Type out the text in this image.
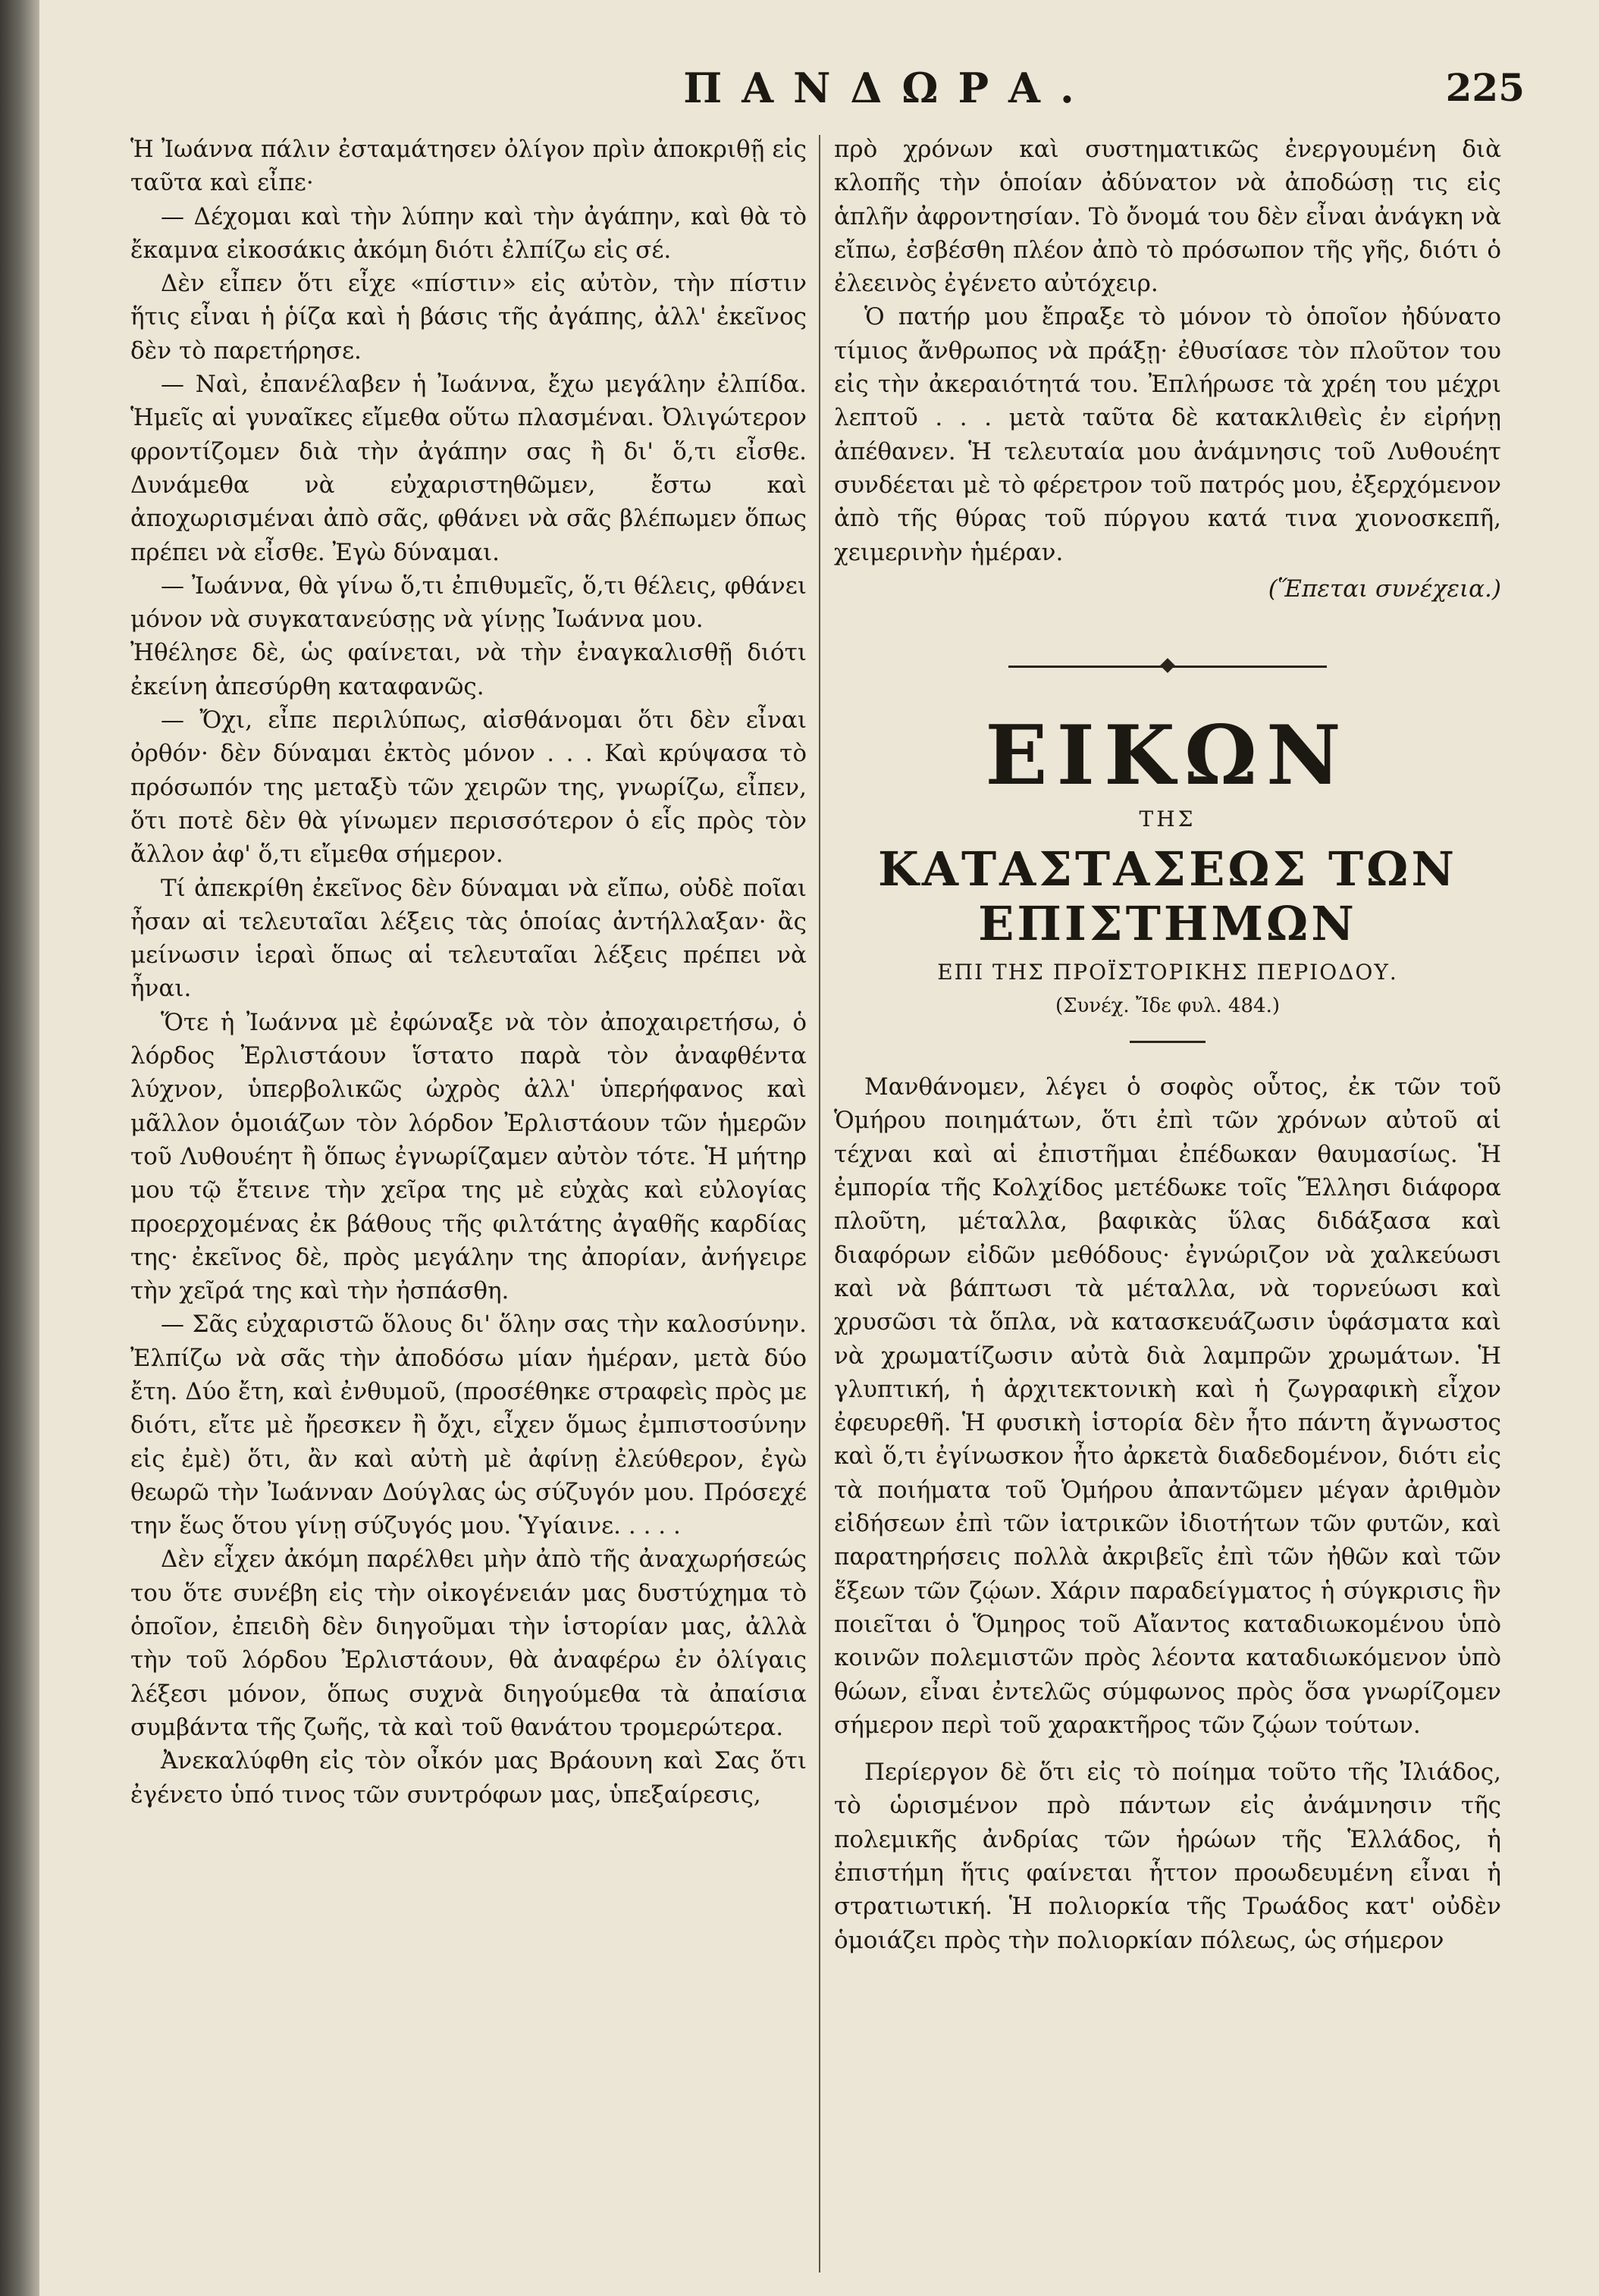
ΠΑΝΔΩΡΑ.	225

Ἡ Ἰωάννα πάλιν ἐσταμάτησεν ὀλίγον πρὶν ἀποκριθῇ εἰς ταῦτα καὶ εἶπε·

— Δέχομαι καὶ τὴν λύπην καὶ τὴν ἀγάπην, καὶ θὰ τὸ ἔκαμνα εἰκοσάκις ἀκόμη διότι ἐλπίζω εἰς σέ.

Δὲν εἶπεν ὅτι εἶχε «πίστιν» εἰς αὐτὸν, τὴν πίστιν ἥτις εἶναι ἡ ῥίζα καὶ ἡ βάσις τῆς ἀγάπης, ἀλλ' ἐκεῖνος δὲν τὸ παρετήρησε.

— Ναὶ, ἐπανέλαβεν ἡ Ἰωάννα, ἔχω μεγάλην ἐλπίδα. Ἡμεῖς αἱ γυναῖκες εἴμεθα οὕτω πλασμέναι. Ὀλιγώτερον φροντίζομεν διὰ τὴν ἀγάπην σας ἢ δι' ὅ,τι εἶσθε. Δυνάμεθα νὰ εὐχαριστηθῶμεν, ἔστω καὶ ἀποχωρισμέναι ἀπὸ σᾶς, φθάνει νὰ σᾶς βλέπωμεν ὅπως πρέπει νὰ εἶσθε. Ἐγὼ δύναμαι.

— Ἰωάννα, θὰ γίνω ὅ,τι ἐπιθυμεῖς, ὅ,τι θέλεις, φθάνει μόνον νὰ συγκατανεύσῃς νὰ γίνῃς Ἰωάννα μου.

Ἠθέλησε δὲ, ὡς φαίνεται, νὰ τὴν ἐναγκαλισθῇ διότι ἐκείνη ἀπεσύρθη καταφανῶς.

— Ὄχι, εἶπε περιλύπως, αἰσθάνομαι ὅτι δὲν εἶναι ὀρθόν· δὲν δύναμαι ἐκτὸς μόνον . . . Καὶ κρύψασα τὸ πρόσωπόν της μεταξὺ τῶν χειρῶν της, γνωρίζω, εἶπεν, ὅτι ποτὲ δὲν θὰ γίνωμεν περισσότερον ὁ εἷς πρὸς τὸν ἄλλον ἀφ' ὅ,τι εἴμεθα σήμερον.

Τί ἀπεκρίθη ἐκεῖνος δὲν δύναμαι νὰ εἴπω, οὐδὲ ποῖαι ἦσαν αἱ τελευταῖαι λέξεις τὰς ὁποίας ἀντήλλαξαν· ἂς μείνωσιν ἱεραὶ ὅπως αἱ τελευταῖαι λέξεις πρέπει νὰ ἦναι.

Ὅτε ἡ Ἰωάννα μὲ ἐφώναξε νὰ τὸν ἀποχαιρετήσω, ὁ λόρδος Ἐρλιστάουν ἵστατο παρὰ τὸν ἀναφθέντα λύχνον, ὑπερβολικῶς ὠχρὸς ἀλλ' ὑπερήφανος καὶ μᾶλλον ὁμοιάζων τὸν λόρδον Ἐρλιστάουν τῶν ἡμερῶν τοῦ Λυθουέητ ἢ ὅπως ἐγνωρίζαμεν αὐτὸν τότε. Ἡ μήτηρ μου τῷ ἔτεινε τὴν χεῖρα της μὲ εὐχὰς καὶ εὐλογίας προερχομένας ἐκ βάθους τῆς φιλτάτης ἀγαθῆς καρδίας της· ἐκεῖνος δὲ, πρὸς μεγάλην της ἀπορίαν, ἀνήγειρε τὴν χεῖρά της καὶ τὴν ἠσπάσθη.

— Σᾶς εὐχαριστῶ ὅλους δι' ὅλην σας τὴν καλοσύνην. Ἐλπίζω νὰ σᾶς τὴν ἀποδόσω μίαν ἡμέραν, μετὰ δύο ἔτη. Δύο ἔτη, καὶ ἐνθυμοῦ, (προσέθηκε στραφεὶς πρὸς με διότι, εἴτε μὲ ἤρεσκεν ἢ ὄχι, εἶχεν ὅμως ἐμπιστοσύνην εἰς ἐμὲ) ὅτι, ἂν καὶ αὐτὴ μὲ ἀφίνῃ ἐλεύθερον, ἐγὼ θεωρῶ τὴν Ἰωάνναν Δούγλας ὡς σύζυγόν μου. Πρόσεχέ την ἕως ὅτου γίνῃ σύζυγός μου. Ὑγίαινε. . . . .

Δὲν εἶχεν ἀκόμη παρέλθει μὴν ἀπὸ τῆς ἀναχωρήσεώς του ὅτε συνέβη εἰς τὴν οἰκογένειάν μας δυστύχημα τὸ ὁποῖον, ἐπειδὴ δὲν διηγοῦμαι τὴν ἱστορίαν μας, ἀλλὰ τὴν τοῦ λόρδου Ἐρλιστάουν, θὰ ἀναφέρω ἐν ὀλίγαις λέξεσι μόνον, ὅπως συχνὰ διηγούμεθα τὰ ἀπαίσια συμβάντα τῆς ζωῆς, τὰ καὶ τοῦ θανάτου τρομερώτερα.

Ἀνεκαλύφθη εἰς τὸν οἶκόν μας Βράουνη καὶ Σας ὅτι ἐγένετο ὑπό τινος τῶν συντρόφων μας, ὑπεξαίρεσις,

πρὸ χρόνων καὶ συστηματικῶς ἐνεργουμένη διὰ κλοπῆς τὴν ὁποίαν ἀδύνατον νὰ ἀποδώσῃ τις εἰς ἁπλῆν ἀφροντησίαν. Τὸ ὄνομά του δὲν εἶναι ἀνάγκη νὰ εἴπω, ἐσβέσθη πλέον ἀπὸ τὸ πρόσωπον τῆς γῆς, διότι ὁ ἐλεεινὸς ἐγένετο αὐτόχειρ.

Ὁ πατήρ μου ἔπραξε τὸ μόνον τὸ ὁποῖον ἠδύνατο τίμιος ἄνθρωπος νὰ πράξῃ· ἐθυσίασε τὸν πλοῦτον του εἰς τὴν ἀκεραιότητά του. Ἐπλήρωσε τὰ χρέη του μέχρι λεπτοῦ . . . μετὰ ταῦτα δὲ κατακλιθεὶς ἐν εἰρήνῃ ἀπέθανεν. Ἡ τελευταία μου ἀνάμνησις τοῦ Λυθουέητ συνδέεται μὲ τὸ φέρετρον τοῦ πατρός μου, ἐξερχόμενον ἀπὸ τῆς θύρας τοῦ πύργου κατά τινα χιονοσκεπῆ, χειμερινὴν ἡμέραν.

(Ἕπεται συνέχεια.)

ΕΙΚΩΝ
ΤΗΣ
ΚΑΤΑΣΤΑΣΕΩΣ ΤΩΝ ΕΠΙΣΤΗΜΩΝ
ΕΠΙ ΤΗΣ ΠΡΟΪΣΤΟΡΙΚΗΣ ΠΕΡΙΟΔΟΥ.
(Συνέχ. Ἴδε φυλ. 484.)

Μανθάνομεν, λέγει ὁ σοφὸς οὗτος, ἐκ τῶν τοῦ Ὁμήρου ποιημάτων, ὅτι ἐπὶ τῶν χρόνων αὐτοῦ αἱ τέχναι καὶ αἱ ἐπιστῆμαι ἐπέδωκαν θαυμασίως. Ἡ ἐμπορία τῆς Κολχίδος μετέδωκε τοῖς Ἕλλησι διάφορα πλοῦτη, μέταλλα, βαφικὰς ὕλας διδάξασα καὶ διαφόρων εἰδῶν μεθόδους· ἐγνώριζον νὰ χαλκεύωσι καὶ νὰ βάπτωσι τὰ μέταλλα, νὰ τορνεύωσι καὶ χρυσῶσι τὰ ὅπλα, νὰ κατασκευάζωσιν ὑφάσματα καὶ νὰ χρωματίζωσιν αὐτὰ διὰ λαμπρῶν χρωμάτων. Ἡ γλυπτική, ἡ ἀρχιτεκτονικὴ καὶ ἡ ζωγραφικὴ εἶχον ἐφευρεθῆ. Ἡ φυσικὴ ἱστορία δὲν ἦτο πάντη ἄγνωστος καὶ ὅ,τι ἐγίνωσκον ἦτο ἀρκετὰ διαδεδομένον, διότι εἰς τὰ ποιήματα τοῦ Ὁμήρου ἀπαντῶμεν μέγαν ἀριθμὸν εἰδήσεων ἐπὶ τῶν ἰατρικῶν ἰδιοτήτων τῶν φυτῶν, καὶ παρατηρήσεις πολλὰ ἀκριβεῖς ἐπὶ τῶν ἠθῶν καὶ τῶν ἕξεων τῶν ζῴων. Χάριν παραδείγματος ἡ σύγκρισις ἣν ποιεῖται ὁ Ὅμηρος τοῦ Αἴαντος καταδιωκομένου ὑπὸ κοινῶν πολεμιστῶν πρὸς λέοντα καταδιωκόμενον ὑπὸ θώων, εἶναι ἐντελῶς σύμφωνος πρὸς ὅσα γνωρίζομεν σήμερον περὶ τοῦ χαρακτῆρος τῶν ζῴων τούτων.

Περίεργον δὲ ὅτι εἰς τὸ ποίημα τοῦτο τῆς Ἰλιάδος, τὸ ὡρισμένον πρὸ πάντων εἰς ἀνάμνησιν τῆς πολεμικῆς ἀνδρίας τῶν ἡρώων τῆς Ἑλλάδος, ἡ ἐπιστήμη ἥτις φαίνεται ἧττον προωδευμένη εἶναι ἡ στρατιωτική. Ἡ πολιορκία τῆς Τρωάδος κατ' οὐδὲν ὁμοιάζει πρὸς τὴν πολιορκίαν πόλεως, ὡς σήμερον
